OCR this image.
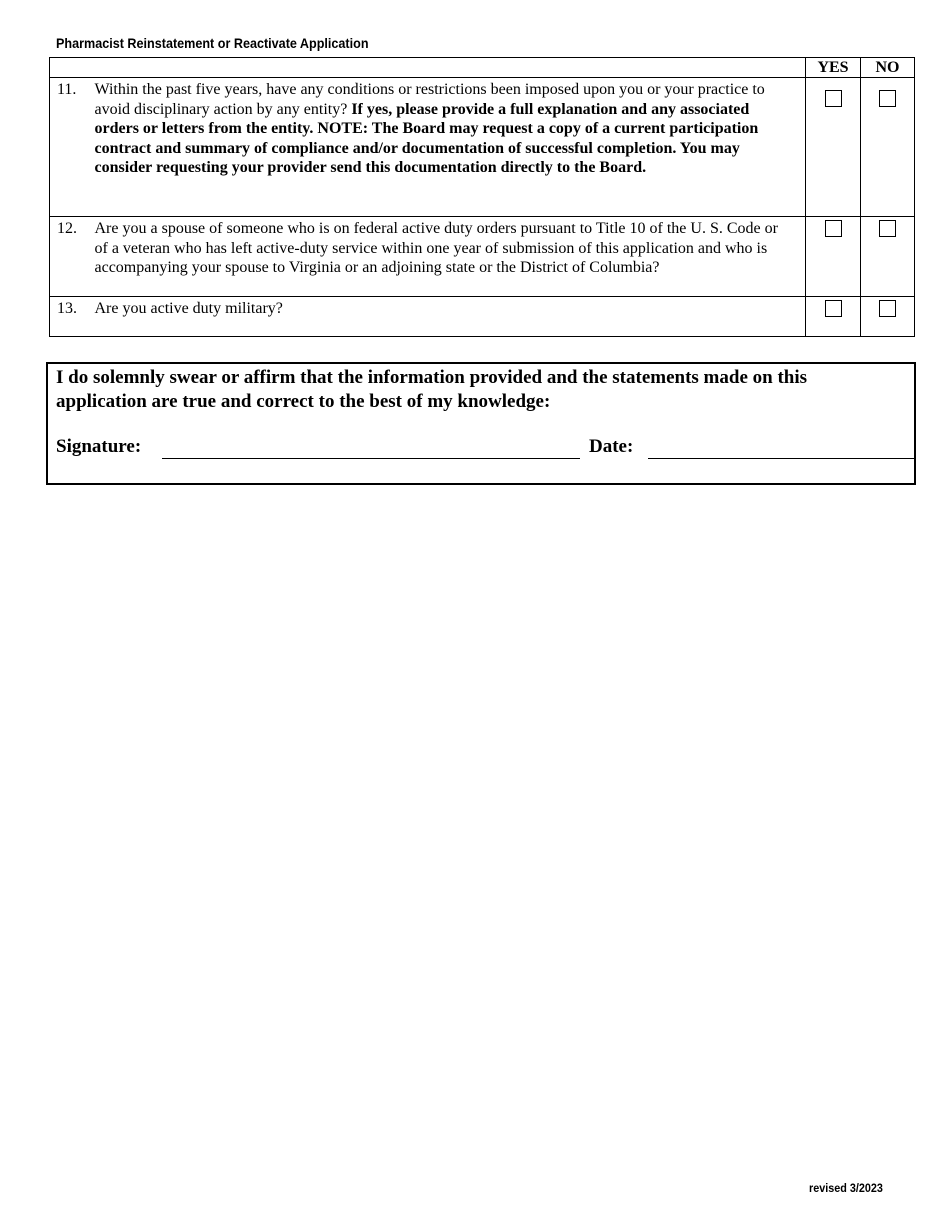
Pharmacist Reinstatement or Reactivate Application
		YES	NO
11.	Within the past five years, have any conditions or restrictions been imposed upon you or your practice to avoid disciplinary action by any entity? If yes, please provide a full explanation and any associated orders or letters from the entity. NOTE: The Board may request a copy of a current participation contract and summary of compliance and/or documentation of successful completion. You may consider requesting your provider send this documentation directly to the Board.		
12.	Are you a spouse of someone who is on federal active duty orders pursuant to Title 10 of the U. S. Code or of a veteran who has left active-duty service within one year of submission of this application and who is accompanying your spouse to Virginia or an adjoining state or the District of Columbia?		
13.	Are you active duty military?		
I do solemnly swear or affirm that the information provided and the statements made on this application are true and correct to the best of my knowledge:
Signature:	Date:
revised 3/2023
